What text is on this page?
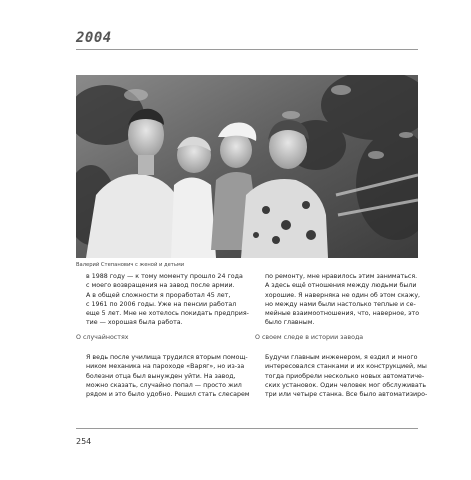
2004
Валерий Степанович с женой и детьми

в 1988 году — к тому моменту прошло 24 года

с моего возвращения на завод после армии.

А в общей сложности я проработал 45 лет,

с 1961 по 2006 годы. Уже на пенсии работал

еще 5 лет. Мне не хотелось покидать предприя-

тие — хорошая была работа.

О случайностях

Я ведь после училища трудился вторым помощ-

ником механика на пароходе «Варяг», но из-за

болезни отца был вынужден уйти. На завод,

можно сказать, случайно попал — просто жил

рядом и это было удобно. Решил стать слесарем

по ремонту, мне нравилось этим заниматься.

А здесь ещё отношения между людьми были

хорошие. Я наверняка не один об этом скажу,

но между нами были настолько теплые и се-

мейные взаимоотношения, что, наверное, это

было главным.

О своем следе в истории завода

Будучи главным инженером, я ездил и много

интересовался станками и их конструкцией, мы

тогда приобрели несколько новых автоматиче-

ских установок. Один человек мог обслуживать

три или четыре станка. Все было автоматизиро-

254
